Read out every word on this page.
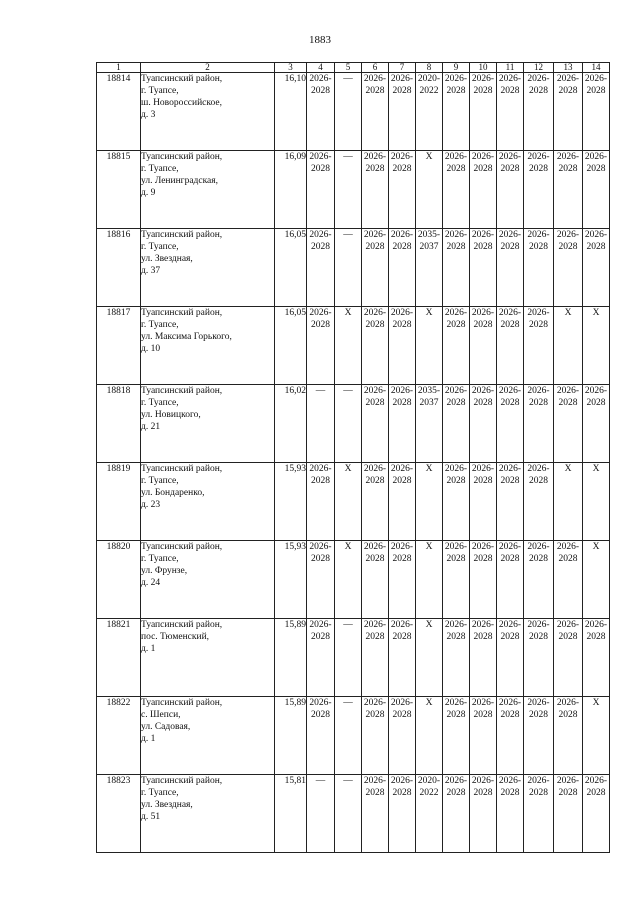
1883
1	2	3	4	5	6	7	8	9	10	11	12	13	14
18814	Туапсинский район,
г. Туапсе,
ш. Новороссийское,
д. 3	16,10	2026-
2028	—	2026-
2028	2026-
2028	2020-
2022	2026-
2028	2026-
2028	2026-
2028	2026-
2028	2026-
2028	2026-
2028

18815	Туапсинский район,
г. Туапсе,
ул. Ленинградская,
д. 9	16,09	2026-
2028	—	2026-
2028	2026-
2028	Х	2026-
2028	2026-
2028	2026-
2028	2026-
2028	2026-
2028	2026-
2028

18816	Туапсинский район,
г. Туапсе,
ул. Звездная,
д. 37	16,05	2026-
2028	—	2026-
2028	2026-
2028	2035-
2037	2026-
2028	2026-
2028	2026-
2028	2026-
2028	2026-
2028	2026-
2028

18817	Туапсинский район,
г. Туапсе,
ул. Максима Горького,
д. 10	16,05	2026-
2028	Х	2026-
2028	2026-
2028	Х	2026-
2028	2026-
2028	2026-
2028	2026-
2028	Х	Х

18818	Туапсинский район,
г. Туапсе,
ул. Новицкого,
д. 21	16,02	—	—	2026-
2028	2026-
2028	2035-
2037	2026-
2028	2026-
2028	2026-
2028	2026-
2028	2026-
2028	2026-
2028

18819	Туапсинский район,
г. Туапсе,
ул. Бондаренко,
д. 23	15,93	2026-
2028	Х	2026-
2028	2026-
2028	Х	2026-
2028	2026-
2028	2026-
2028	2026-
2028	Х	Х

18820	Туапсинский район,
г. Туапсе,
ул. Фрунзе,
д. 24	15,93	2026-
2028	Х	2026-
2028	2026-
2028	Х	2026-
2028	2026-
2028	2026-
2028	2026-
2028	2026-
2028	Х

18821	Туапсинский район,
пос. Тюменский,
д. 1	15,89	2026-
2028	—	2026-
2028	2026-
2028	Х	2026-
2028	2026-
2028	2026-
2028	2026-
2028	2026-
2028	2026-
2028

18822	Туапсинский район,
с. Шепси,
ул. Садовая,
д. 1	15,89	2026-
2028	—	2026-
2028	2026-
2028	Х	2026-
2028	2026-
2028	2026-
2028	2026-
2028	2026-
2028	Х

18823	Туапсинский район,
г. Туапсе,
ул. Звездная,
д. 51	15,81	—	—	2026-
2028	2026-
2028	2020-
2022	2026-
2028	2026-
2028	2026-
2028	2026-
2028	2026-
2028	2026-
2028
